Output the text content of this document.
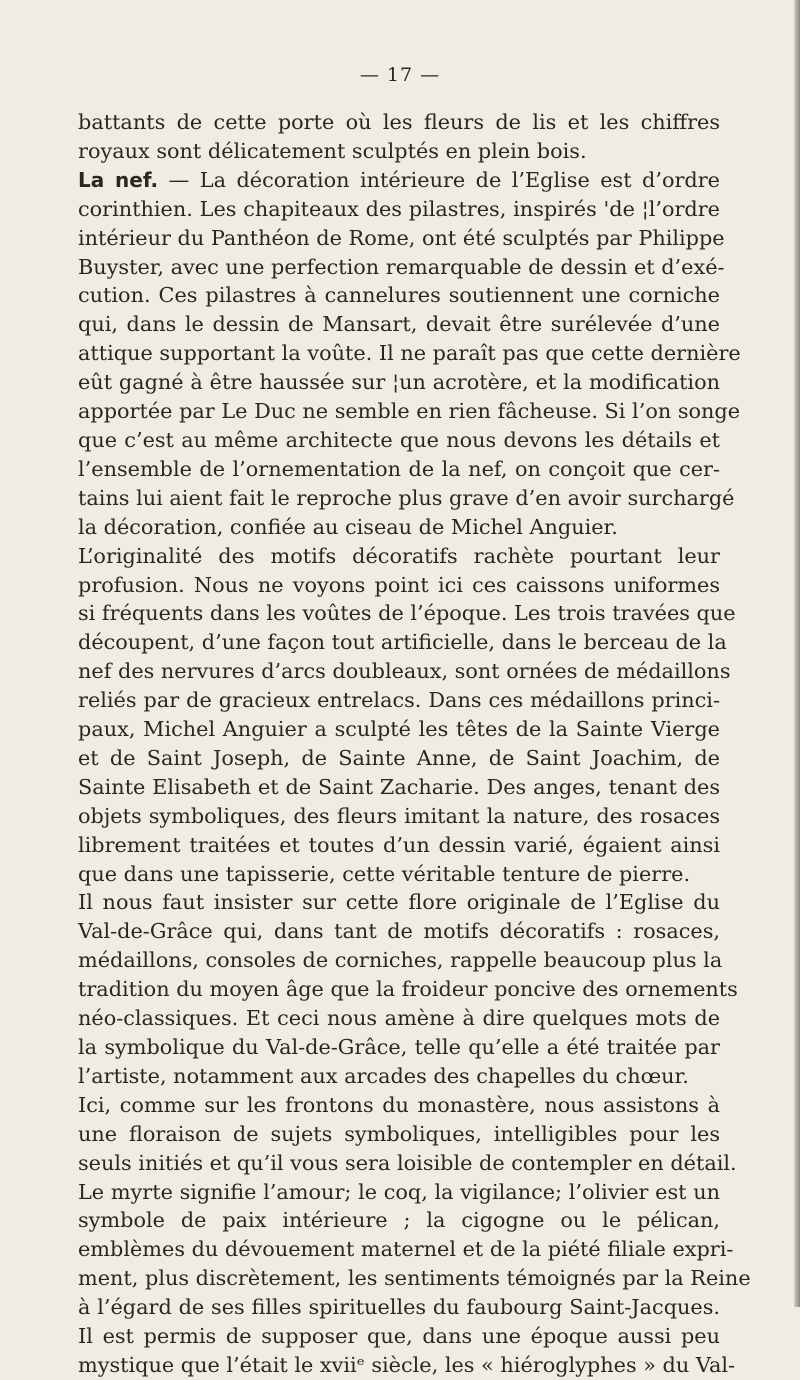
— 17 —
battants de cette porte où les fleurs de lis et les chiffres
royaux sont délicatement sculptés en plein bois.
La nef. — La décoration intérieure de l’Eglise est d’ordre
corinthien. Les chapiteaux des pilastres, inspirés 'de ¦l’ordre
intérieur du Panthéon de Rome, ont été sculptés par Philippe
Buyster, avec une perfection remarquable de dessin et d’exé-
cution. Ces pilastres à cannelures soutiennent une corniche
qui, dans le dessin de Mansart, devait être surélevée d’une
attique supportant la voûte. Il ne paraît pas que cette dernière
eût gagné à être haussée sur ¦un acrotère, et la modification
apportée par Le Duc ne semble en rien fâcheuse. Si l’on songe
que c’est au même architecte que nous devons les détails et
l’ensemble de l’ornementation de la nef, on conçoit que cer-
tains lui aient fait le reproche plus grave d’en avoir surchargé
la décoration, confiée au ciseau de Michel Anguier.
L’originalité des motifs décoratifs rachète pourtant leur
profusion. Nous ne voyons point ici ces caissons uniformes
si fréquents dans les voûtes de l’époque. Les trois travées que
découpent, d’une façon tout artificielle, dans le berceau de la
nef des nervures d’arcs doubleaux, sont ornées de médaillons
reliés par de gracieux entrelacs. Dans ces médaillons princi-
paux, Michel Anguier a sculpté les têtes de la Sainte Vierge
et de Saint Joseph, de Sainte Anne, de Saint Joachim, de
Sainte Elisabeth et de Saint Zacharie. Des anges, tenant des
objets symboliques, des fleurs imitant la nature, des rosaces
librement traitées et toutes d’un dessin varié, égaient ainsi
que dans une tapisserie, cette véritable tenture de pierre.
Il nous faut insister sur cette flore originale de l’Eglise du
Val-de-Grâce qui, dans tant de motifs décoratifs : rosaces,
médaillons, consoles de corniches, rappelle beaucoup plus la
tradition du moyen âge que la froideur poncive des ornements
néo-classiques. Et ceci nous amène à dire quelques mots de
la symbolique du Val-de-Grâce, telle qu’elle a été traitée par
l’artiste, notamment aux arcades des chapelles du chœur.
Ici, comme sur les frontons du monastère, nous assistons à
une floraison de sujets symboliques, intelligibles pour les
seuls initiés et qu’il vous sera loisible de contempler en détail.
Le myrte signifie l’amour; le coq, la vigilance; l’olivier est un
symbole de paix intérieure ; la cigogne ou le pélican,
emblèmes du dévouement maternel et de la piété filiale expri-
ment, plus discrètement, les sentiments témoignés par la Reine
à l’égard de ses filles spirituelles du faubourg Saint-Jacques.
Il est permis de supposer que, dans une époque aussi peu
mystique que l’était le xviiᵉ siècle, les « hiéroglyphes » du Val-
